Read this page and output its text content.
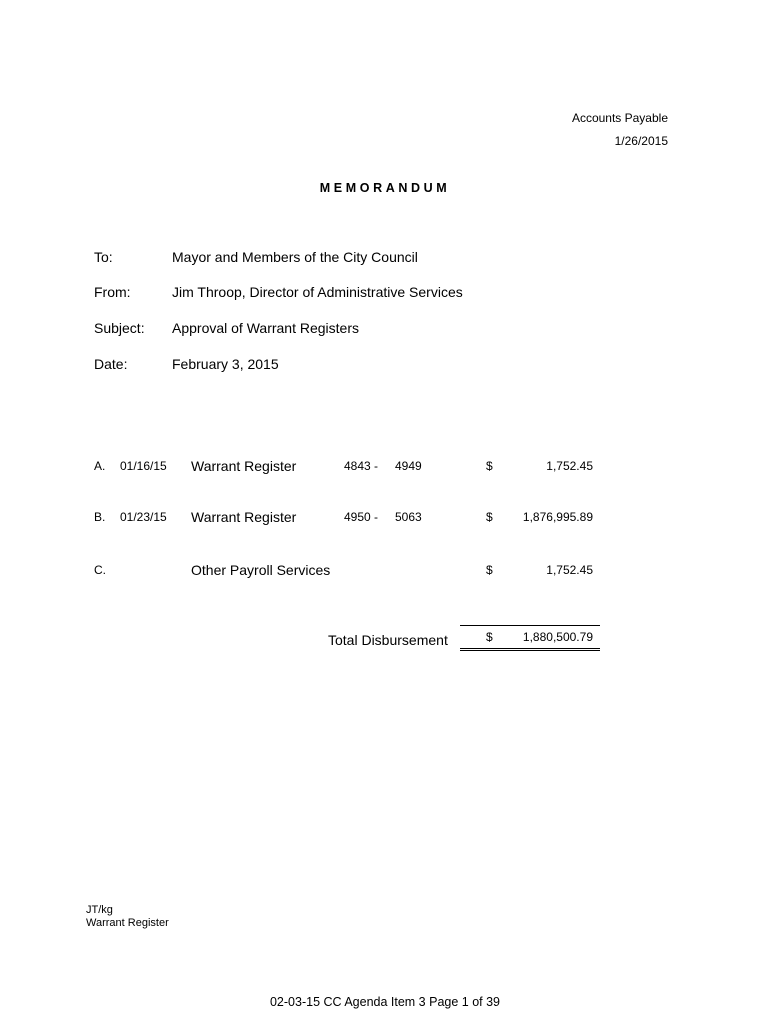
Accounts Payable
1/26/2015
MEMORANDUM
To:	Mayor and Members of the City Council
From:	Jim Throop, Director of Administrative Services
Subject: Approval of Warrant Registers
Date:	February 3, 2015
A. 01/16/15 Warrant Register	4843 - 4949	$	1,752.45
B. 01/23/15 Warrant Register	4950 - 5063	$	1,876,995.89
C.	Other Payroll Services	$	1,752.45
Total Disbursement	$	1,880,500.79
JT/kg
Warrant Register
02-03-15 CC Agenda Item 3 Page 1 of 39
